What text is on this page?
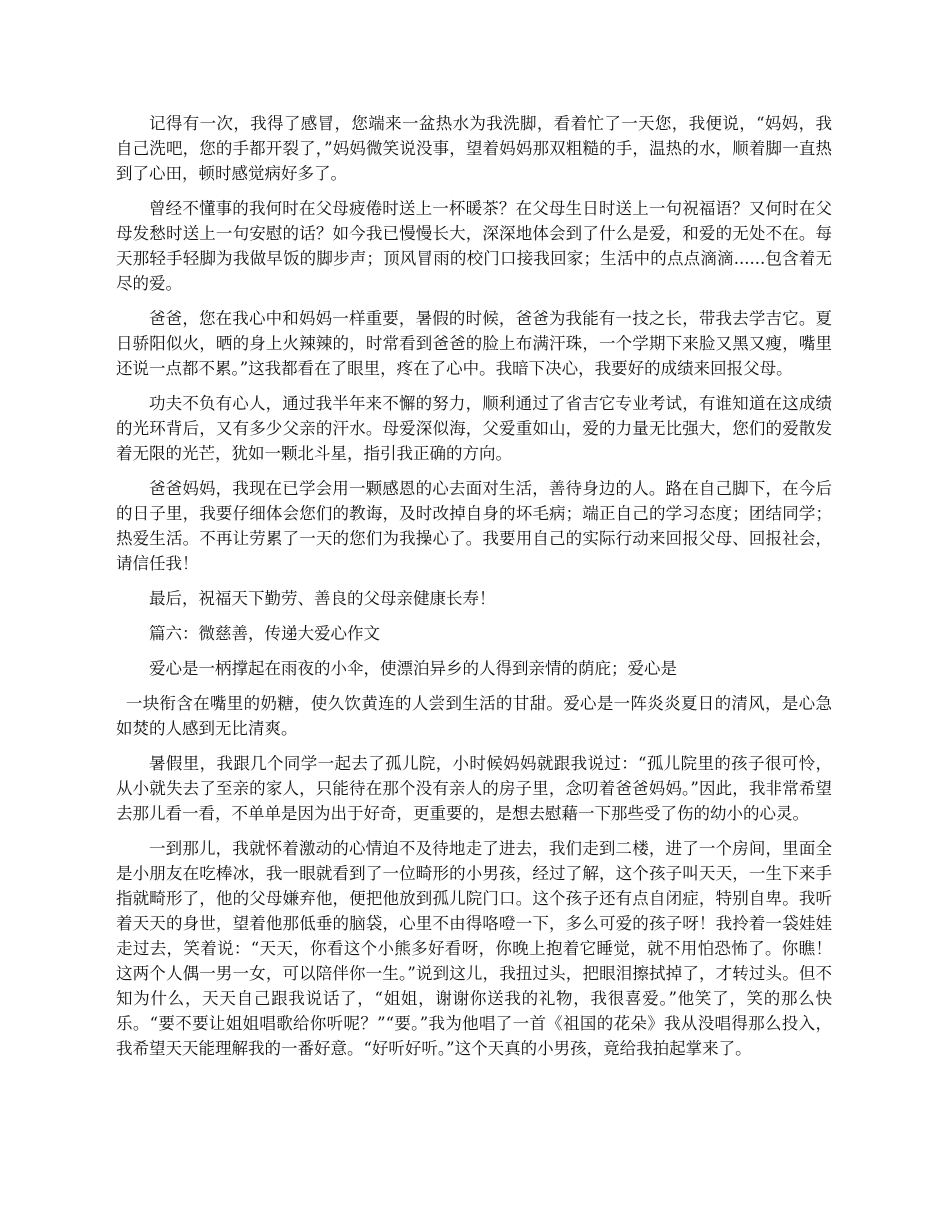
记得有一次，我得了感冒，您端来一盆热水为我洗脚，看着忙了一天您，我便说，“妈妈，我自己洗吧，您的手都开裂了，”妈妈微笑说没事，望着妈妈那双粗糙的手，温热的水，顺着脚一直热到了心田，顿时感觉病好多了。

曾经不懂事的我何时在父母疲倦时送上一杯暖茶？在父母生日时送上一句祝福语？又何时在父母发愁时送上一句安慰的话？如今我已慢慢长大，深深地体会到了什么是爱，和爱的无处不在。每天那轻手轻脚为我做早饭的脚步声；顶风冒雨的校门口接我回家；生活中的点点滴滴......包含着无尽的爱。

爸爸，您在我心中和妈妈一样重要，暑假的时候，爸爸为我能有一技之长，带我去学吉它。夏日骄阳似火，晒的身上火辣辣的，时常看到爸爸的脸上布满汗珠，一个学期下来脸又黑又瘦，嘴里还说一点都不累。”这我都看在了眼里，疼在了心中。我暗下决心，我要好的成绩来回报父母。

功夫不负有心人，通过我半年来不懈的努力，顺利通过了省吉它专业考试，有谁知道在这成绩的光环背后，又有多少父亲的汗水。母爱深似海，父爱重如山，爱的力量无比强大，您们的爱散发着无限的光芒，犹如一颗北斗星，指引我正确的方向。

爸爸妈妈，我现在已学会用一颗感恩的心去面对生活，善待身边的人。路在自己脚下，在今后的日子里，我要仔细体会您们的教诲，及时改掉自身的坏毛病；端正自己的学习态度；团结同学；热爱生活。不再让劳累了一天的您们为我操心了。我要用自己的实际行动来回报父母、回报社会，请信任我！

最后，祝福天下勤劳、善良的父母亲健康长寿！

篇六：微慈善，传递大爱心作文

爱心是一柄撑起在雨夜的小伞，使漂泊异乡的人得到亲情的荫庇；爱心是

一块衔含在嘴里的奶糖，使久饮黄连的人尝到生活的甘甜。爱心是一阵炎炎夏日的清风，是心急如焚的人感到无比清爽。

暑假里，我跟几个同学一起去了孤儿院，小时候妈妈就跟我说过：“孤儿院里的孩子很可怜，从小就失去了至亲的家人，只能待在那个没有亲人的房子里，念叨着爸爸妈妈。”因此，我非常希望去那儿看一看，不单单是因为出于好奇，更重要的，是想去慰藉一下那些受了伤的幼小的心灵。

一到那儿，我就怀着激动的心情迫不及待地走了进去，我们走到二楼，进了一个房间，里面全是小朋友在吃棒冰，我一眼就看到了一位畸形的小男孩，经过了解，这个孩子叫天天，一生下来手指就畸形了，他的父母嫌弃他，便把他放到孤儿院门口。这个孩子还有点自闭症，特别自卑。我听着天天的身世，望着他那低垂的脑袋，心里不由得咯噔一下，多么可爱的孩子呀！我拎着一袋娃娃走过去，笑着说：“天天，你看这个小熊多好看呀，你晚上抱着它睡觉，就不用怕恐怖了。你瞧！这两个人偶一男一女，可以陪伴你一生。”说到这儿，我扭过头，把眼泪擦拭掉了，才转过头。但不知为什么，天天自己跟我说话了，“姐姐，谢谢你送我的礼物，我很喜爱。”他笑了，笑的那么快乐。“要不要让姐姐唱歌给你听呢？”“要。”我为他唱了一首《祖国的花朵》我从没唱得那么投入，我希望天天能理解我的一番好意。“好听好听。”这个天真的小男孩，竟给我拍起掌来了。
